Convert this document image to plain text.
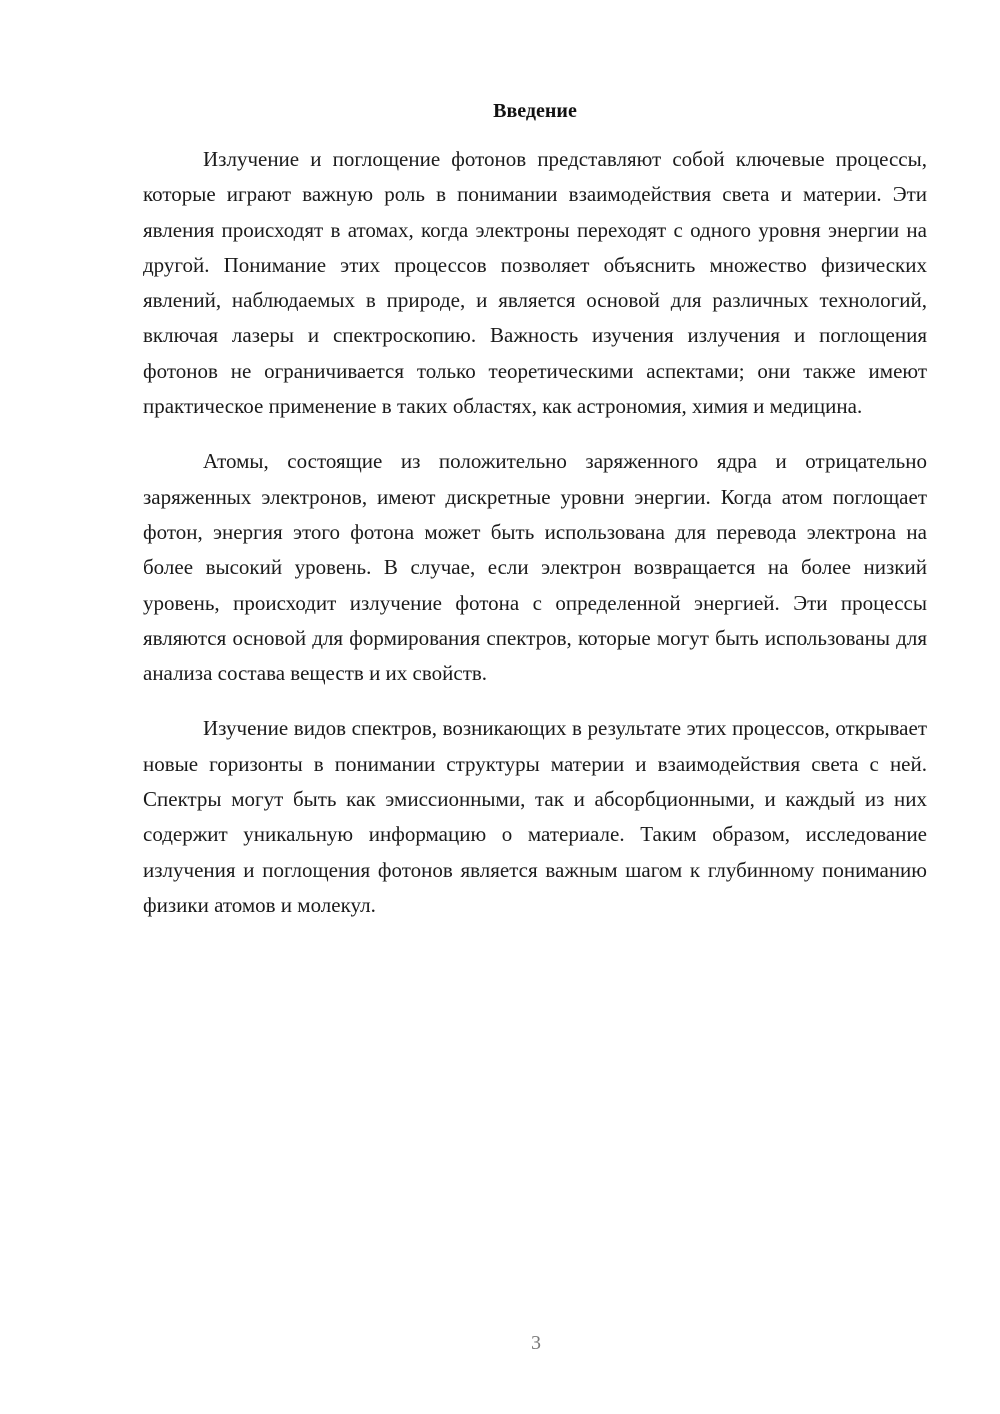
Введение

Излучение и поглощение фотонов представляют собой ключевые процессы, которые играют важную роль в понимании взаимодействия света и материи. Эти явления происходят в атомах, когда электроны переходят с одного уровня энергии на другой. Понимание этих процессов позволяет объяснить множество физических явлений, наблюдаемых в природе, и является основой для различных технологий, включая лазеры и спектроскопию. Важность изучения излучения и поглощения фотонов не ограничивается только теоретическими аспектами; они также имеют практическое применение в таких областях, как астрономия, химия и медицина.

Атомы, состоящие из положительно заряженного ядра и отрицательно заряженных электронов, имеют дискретные уровни энергии. Когда атом поглощает фотон, энергия этого фотона может быть использована для перевода электрона на более высокий уровень. В случае, если электрон возвращается на более низкий уровень, происходит излучение фотона с определенной энергией. Эти процессы являются основой для формирования спектров, которые могут быть использованы для анализа состава веществ и их свойств.

Изучение видов спектров, возникающих в результате этих процессов, открывает новые горизонты в понимании структуры материи и взаимодействия света с ней. Спектры могут быть как эмиссионными, так и абсорбционными, и каждый из них содержит уникальную информацию о материале. Таким образом, исследование излучения и поглощения фотонов является важным шагом к глубинному пониманию физики атомов и молекул.

3
